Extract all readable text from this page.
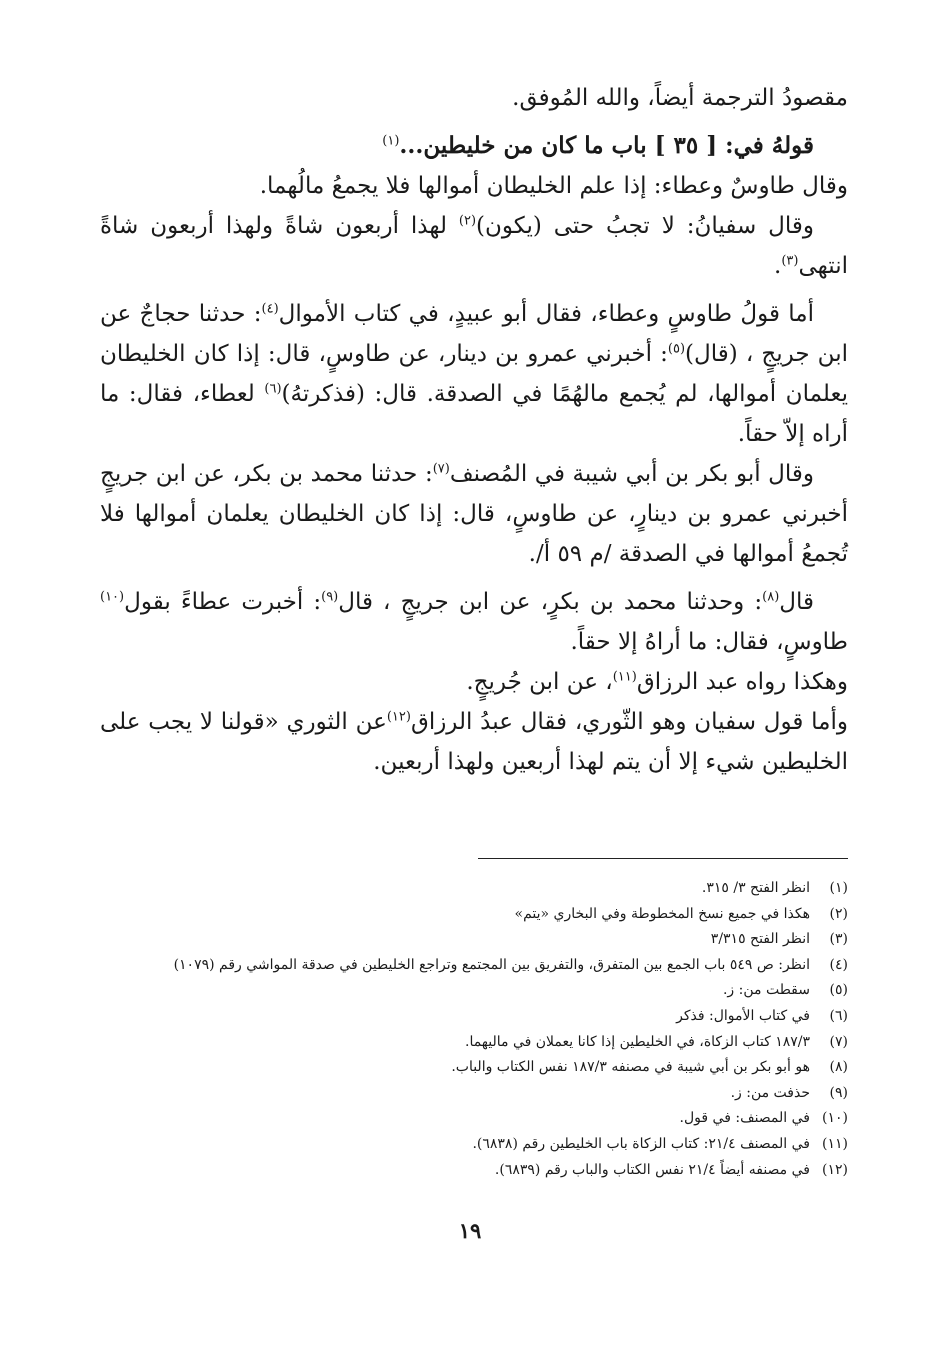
مقصودُ الترجمة أيضاً، والله المُوفق.

قولهُ في: [ ٣٥ ] باب ما كان من خليطين...$^{(١)}$

وقال طاوسٌ وعطاء: إذا علم الخليطان أموالها فلا يجمعُ مالُهما.

وقال سفيانُ: لا تجبُ حتى (يكون)$^{(٢)}$ لهذا أربعون شاةً ولهذا أربعون شاةً انتهى$^{(٣)}$.

أما قولُ طاوسٍ وعطاء، فقال أبو عبيدٍ، في كتاب الأموال$^{(٤)}$: حدثنا حجاجٌ عن ابن جريجٍ ، (قال)$^{(٥)}$: أخبرني عمرو بن دينار، عن طاوسٍ، قال: إذا كان الخليطان يعلمان أموالها، لم يُجمع مالهُمًا في الصدقة. قال: (فذكرتهُ)$^{(٦)}$ لعطاء، فقال: ما أراه إلاّ حقاً.

وقال أبو بكر بن أبي شيبة في المُصنف$^{(٧)}$: حدثنا محمد بن بكر، عن ابن جريجٍ أخبرني عمرو بن دينارٍ، عن طاوسٍ، قال: إذا كان الخليطان يعلمان أموالها فلا تُجمعُ أموالها في الصدقة /م ٥٩ أ/.

قال$^{(٨)}$: وحدثنا محمد بن بكرٍ، عن ابن جريجٍ ، قال$^{(٩)}$: أخبرت عطاءً بقول$^{(١٠)}$ طاوسٍ، فقال: ما أراهُ إلا حقاً.

وهكذا رواه عبد الرزاق$^{(١١)}$، عن ابن جُريجٍ.

وأما قول سفيان وهو الثّوري، فقال عبدُ الرزاق$^{(١٢)}$عن الثوري «قولنا لا يجب على الخليطين شيء إلا أن يتم لهذا أربعين ولهذا أربعين.

(١)
انظر الفتح ٣/ ٣١٥.
(٢)
هكذا في جميع نسخ المخطوطة وفي البخاري «يتم»
(٣)
انظر الفتح ٣/٣١٥
(٤)
انظر: ص ٥٤٩ باب الجمع بين المتفرق، والتفريق بين المجتمع وتراجع الخليطين في صدقة المواشي رقم (١٠٧٩)
(٥)
سقطت من: ز.
(٦)
في كتاب الأموال: فذكر
(٧)
١٨٧/٣ كتاب الزكاة، في الخليطين إذا كانا يعملان في ماليهما.
(٨)
هو أبو بكر بن أبي شيبة في مصنفه ١٨٧/٣ نفس الكتاب والباب.
(٩)
حذفت من: ز.
(١٠)
في المصنف: في قول.
(١١)
في المصنف ٢١/٤: كتاب الزكاة باب الخليطين رقم (٦٨٣٨).
(١٢)
في مصنفه أيضاً ٢١/٤ نفس الكتاب والباب رقم (٦٨٣٩).
١٩
